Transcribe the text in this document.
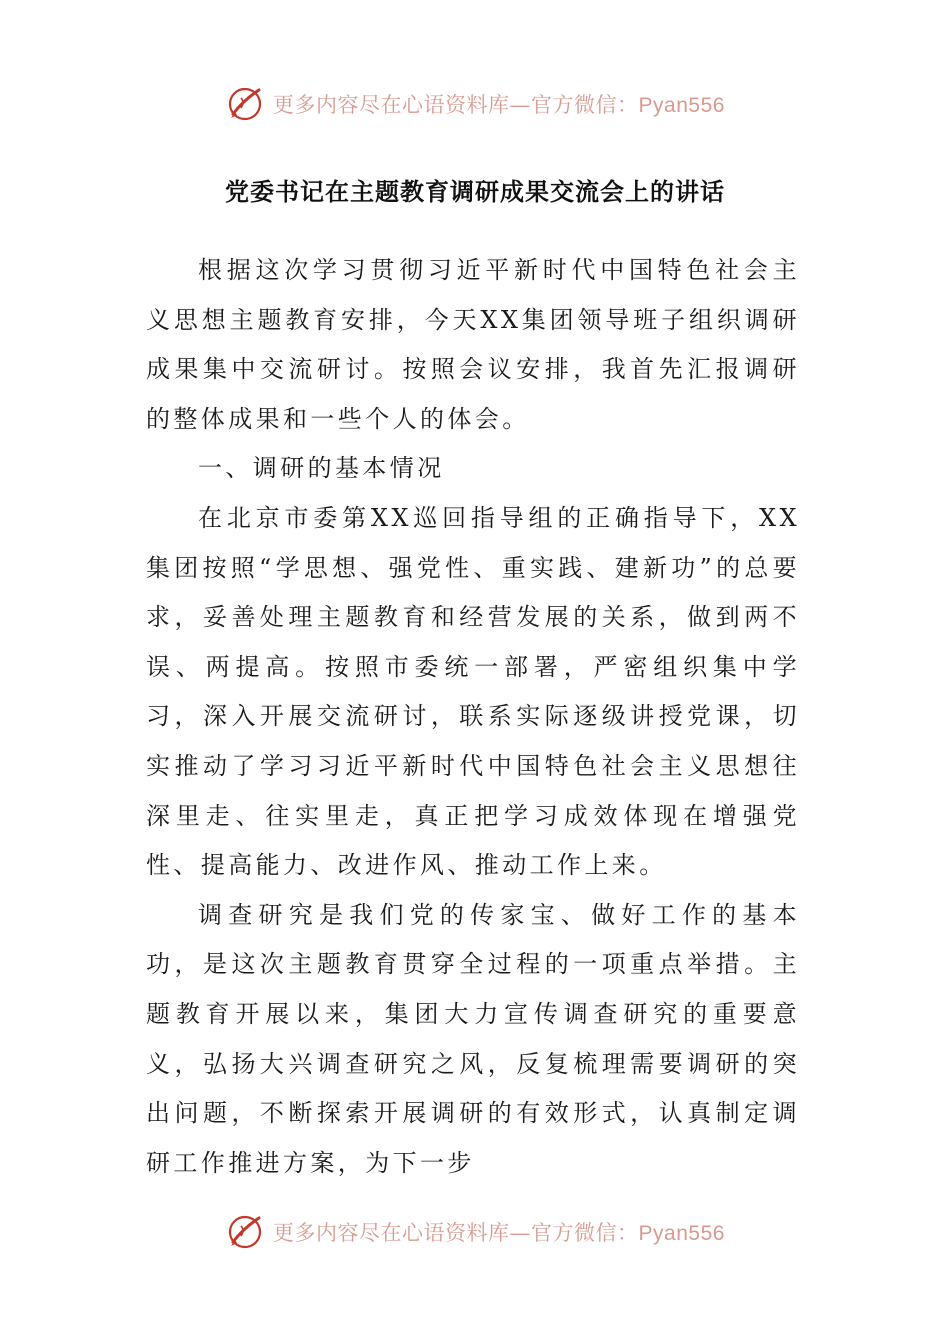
更多内容尽在心语资料库—官方微信：Pyan556
党委书记在主题教育调研成果交流会上的讲话

根据这次学习贯彻习近平新时代中国特色社会主义思想主题教育安排，今天XX集团领导班子组织调研成果集中交流研讨。按照会议安排，我首先汇报调研的整体成果和一些个人的体会。

一、调研的基本情况

在北京市委第XX巡回指导组的正确指导下，XX集团按照“学思想、强党性、重实践、建新功”的总要求，妥善处理主题教育和经营发展的关系，做到两不误、两提高。按照市委统一部署，严密组织集中学习，深入开展交流研讨，联系实际逐级讲授党课，切实推动了学习习近平新时代中国特色社会主义思想往深里走、往实里走，真正把学习成效体现在增强党性、提高能力、改进作风、推动工作上来。

调查研究是我们党的传家宝、做好工作的基本功，是这次主题教育贯穿全过程的一项重点举措。主题教育开展以来，集团大力宣传调查研究的重要意义，弘扬大兴调查研究之风，反复梳理需要调研的突出问题，不断探索开展调研的有效形式，认真制定调研工作推进方案，为下一步

更多内容尽在心语资料库—官方微信：Pyan556
